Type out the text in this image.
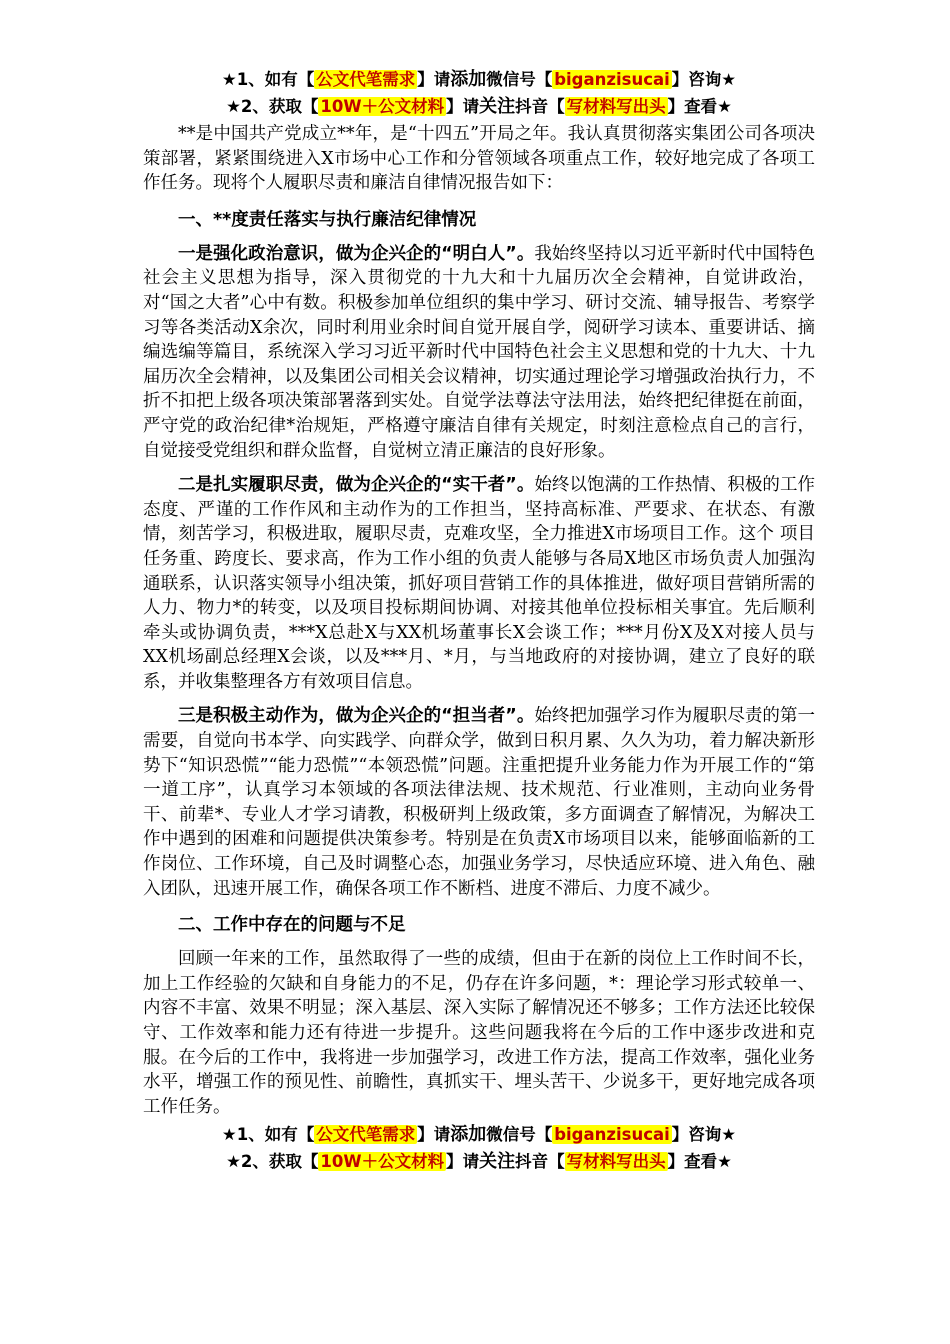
★1、如有【 公文代笔需求 】请添加微信号【 biganzisucai 】咨询★
★2、获取【 10W＋公文材料 】请关注抖音【 写材料写出头 】查看★

**是中国共产党成立**年，是“十四五”开局之年。我认真贯彻落实集团公司各项决策部署，紧紧围绕进入X市场中心工作和分管领域各项重点工作，较好地完成了各项工作任务。现将个人履职尽责和廉洁自律情况报告如下：

一、**度责任落实与执行廉洁纪律情况

一是强化政治意识，做为企兴企的“明白人”。我始终坚持以习近平新时代中国特色社会主义思想为指导，深入贯彻党的十九大和十九届历次全会精神，自觉讲政治，对“国之大者”心中有数。积极参加单位组织的集中学习、研讨交流、辅导报告、考察学习等各类活动X余次，同时利用业余时间自觉开展自学，阅研学习读本、重要讲话、摘编选编等篇目，系统深入学习习近平新时代中国特色社会主义思想和党的十九大、十九届历次全会精神，以及集团公司相关会议精神，切实通过理论学习增强政治执行力，不折不扣把上级各项决策部署落到实处。自觉学法尊法守法用法，始终把纪律挺在前面，严守党的政治纪律*治规矩，严格遵守廉洁自律有关规定，时刻注意检点自己的言行，自觉接受党组织和群众监督，自觉树立清正廉洁的良好形象。

二是扎实履职尽责，做为企兴企的“实干者”。始终以饱满的工作热情、积极的工作态度、严谨的工作作风和主动作为的工作担当，坚持高标准、严要求、在状态、有激情，刻苦学习，积极进取，履职尽责，克难攻坚，全力推进X市场项目工作。这个 项目任务重、跨度长、要求高，作为工作小组的负责人能够与各局X地区市场负责人加强沟通联系，认识落实领导小组决策，抓好项目营销工作的具体推进，做好项目营销所需的人力、物力*的转变，以及项目投标期间协调、对接其他单位投标相关事宜。先后顺利牵头或协调负责，***X总赴X与XX机场董事长X会谈工作；***月份X及X对接人员与XX机场副总经理X会谈，以及***月、*月，与当地政府的对接协调，建立了良好的联系，并收集整理各方有效项目信息。

三是积极主动作为，做为企兴企的“担当者”。始终把加强学习作为履职尽责的第一需要，自觉向书本学、向实践学、向群众学，做到日积月累、久久为功，着力解决新形势下“知识恐慌”“能力恐慌”“本领恐慌”问题。注重把提升业务能力作为开展工作的“第一道工序”，认真学习本领域的各项法律法规、技术规范、行业准则，主动向业务骨干、前辈*、专业人才学习请教，积极研判上级政策，多方面调查了解情况，为解决工作中遇到的困难和问题提供决策参考。特别是在负责X市场项目以来，能够面临新的工作岗位、工作环境，自己及时调整心态，加强业务学习，尽快适应环境、进入角色、融入团队，迅速开展工作，确保各项工作不断档、进度不滞后、力度不减少。

二、工作中存在的问题与不足

回顾一年来的工作，虽然取得了一些的成绩，但由于在新的岗位上工作时间不长，加上工作经验的欠缺和自身能力的不足，仍存在许多问题，*：理论学习形式较单一、内容不丰富、效果不明显；深入基层、深入实际了解情况还不够多；工作方法还比较保守、工作效率和能力还有待进一步提升。这些问题我将在今后的工作中逐步改进和克服。在今后的工作中，我将进一步加强学习，改进工作方法，提高工作效率，强化业务水平，增强工作的预见性、前瞻性，真抓实干、埋头苦干、少说多干，更好地完成各项工作任务。

★1、如有【 公文代笔需求 】请添加微信号【 biganzisucai 】咨询★
★2、获取【 10W＋公文材料 】请关注抖音【 写材料写出头 】查看★
